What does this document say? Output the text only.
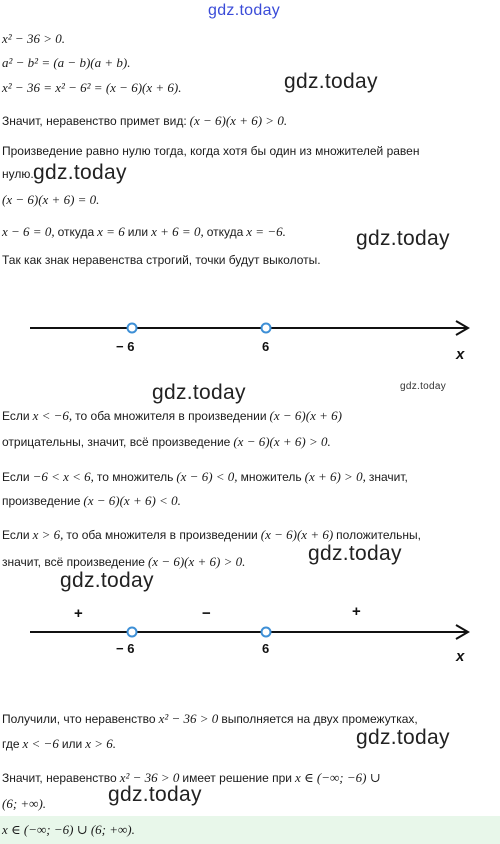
gdz.today
x² − 36 > 0.
a² − b² = (a − b)(a + b).
x² − 36 = x² − 6² = (x − 6)(x + 6).	gdz.today
Значит, неравенство примет вид: (x − 6)(x + 6) > 0.
Произведение равно нулю тогда, когда хотя бы один из множителей равен
нулю. gdz.today
(x − 6)(x + 6) = 0.
x − 6 = 0, откуда x = 6 или x + 6 = 0, откуда x = −6.	gdz.today
Так как знак неравенства строгий, точки будут выколоты.
− 6	6	x
gdz.today	gdz.today
Если x < −6, то оба множителя в произведении (x − 6)(x + 6)
отрицательны, значит, всё произведение (x − 6)(x + 6) > 0.
Если −6 < x < 6, то множитель (x − 6) < 0, множитель (x + 6) > 0, значит,
произведение (x − 6)(x + 6) < 0.
Если x > 6, то оба множителя в произведении (x − 6)(x + 6) положительны,
значит, всё произведение (x − 6)(x + 6) > 0.	gdz.today
gdz.today
+	−	+
− 6	6	x
Получили, что неравенство x² − 36 > 0 выполняется на двух промежутках,
где x < −6 или x > 6.	gdz.today
Значит, неравенство x² − 36 > 0 имеет решение при x ∈ (−∞; −6) ∪
(6; +∞).	gdz.today
x ∈ (−∞; −6) ∪ (6; +∞).
